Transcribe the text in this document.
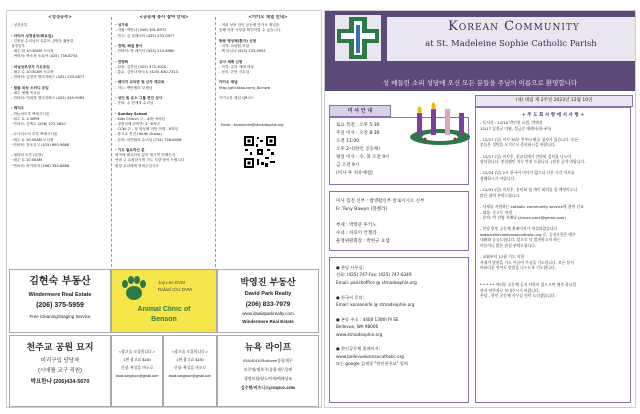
<성경공부>
- 성경공부

- 차티어 성경공부(화요일)
- 김정남 수녀님의 유튜브 강연을 활용한
성경공부
- 매주 화 10:30AM 도서정
- 연락처: 박소정 소피아 (425) 736-8754

- 마닐성모성지 기도모임
- 매주 수 10:30AM 천교정
- 연락처: 김경자 엘리자베스 (425) 233-0877

- 말씀 묵상 스터디 모임
- 매주 셋째 목요일
- 연락처: 이희정 엘리자베스 (425) 445-9085

- 레지오
- 하늘의모후 쁘레시디움
· 매주 토 1:30PM
· 연락처: 김백두 (206) 372-5620

- 로사리오의 모후 쁘레시디움
· 매주 토 10:00AM 도서정
· 연락처: 장오진고 (425) 890-9868

- 평화의 모후 (본당)
· 매주 토 10:00AM
· 연락처: 차가미아 (206) 330-8888
<공동체 봉사 참여 안내>
- 성가대
- 지휘: 박안나 (206) 391-8972
- 반주: 김 빌레리아 (425) 233-0977

- 전례, 해설 봉사
- 연락처: 박 레지아 (425) 223-8960

- 연령회
- 회장: 김종찬 (425) 372-3020
- 총무: 김아나 바오로 (425) 830-7313

- 메어지 교리반 및 신자 재교육
- 지도: 백안젤라 부제님

- 성인 및 유스 그룹 견진 성사
- 준비: 주 현재자 수녀님

- Sunday School
- Kids Church 주 - 4세~9학년
- 첫영성체 준비반: 2~8학년
- CCW 주 - 첫 영성체 미만 학생 - 8학년
- 중고교 견진 (Youth Group)
- 문의: 차연필라 수녀님 (714) 728-6008

- 기도 필요하신 분
영적에 필요하신 분이 계시면 언제든지
연락 주 요청하시면 기도 지향 담아 드립니다
원장 수녀에게 연락주십시오
<카카오 채널 안내>
- 저희 성당 한인 공동체 카카오 채널을
통해 각종 사항을 확인하실 수 있습니다.

방문 영성체(환자) 신청
- 자격: 요양원 포함
- 백 하나나 (425) 233-0955

유아 세례 신청
- 자격: 유아 세례 대상
- 문의: 본당 사무실

카카오 채널
http://pf.kakao.com/_Bcmwb

카카오톡 채널 QR코드
Email : koreaninfo@stmadsophie.org
김현숙 부동산
Windermere Real Estate
(206) 375-5959
Free Cleaning/Staging Service
Joy Lee DVM
Rafael Cho DVM
Animal Clinic of
Benson
박영진 부동산
David Park Realty
(206) 833-7979
www.dswidparkrealty.com
Windermere Real Estate
천주교 공원 묘지
미리구입 당당자
(시애틀 교구 직원)
박요한나 (206)434-5670
<광고를 모집합니다.>
1면 광고료 $150
신청: 곽상훈 바오로
kwak.sanghoon@gmail.com
<광고를 모집합니다.>
1면 광고료 $150
신청: 곽상훈 바오로
kwak.sanghoon@gmail.com
뉴욕 라이프
IRA/401K/Rollover/종합재무
보주명/재보주/종합재무플랜
생명보험/양노여재/택배상조
김수현/비즈니스(253)802-2556
Korean Community
at St. Madeleine Sophie Catholic Parish
성 매들린 소피 성당에 오신 모든 분들을 주님의 이름으로 환영합니다
미 사 안 내
토요 특전 : 오후 5:30
주일 미사 : 오전 8:30
오전 11:00
오후 2시(한인 공동체)
평일 미사 : 수, 목 오전 9시
금 오전 9시
(미사 후 치유예절)
(새) 대림 제 2주일 2023년 12월 10일
+ 주 도 회 사 항 에 서 사 항 +
- 독서자 : 12/10 박인천 요셉, 박예진
12/17 김경균 다윗, 정금순 데레사(한국어)

- 12/17 (일) 미사 30분 전부터 판공 성사가 있습니다. 모든
분들은 성탄을 오기로서 준비하시길 바랍니다.

- 12/17 (일) 미사후, 친교실에서 간단히 김치를 나누어
장터합니다. 봉헌했던 지동 반찬 드립니다. (점선 공작 바랍니다.

- 12/24 (일) 2시 한국어 미사가 없으니 다른 시간 미사를
참례하시기 바랍니다.

- 12/31 (일) 미사후, 송년회 겸 계이 회의를 할 예정이오니
많은 참여 부탁드립니다.

- 사제를 지원하는 catholic community service에 참여 선교
- 대상: 중고등 학생
- 문의: 박 진영 자매님 (jinvan.park@gmail.com)

- 본당 한인 공동체 홈페이지가 개설되었습니다
www.bellevuekoreancatholic.org 로, 공지사항은 매주
내려와 공유드립니다. 앞으로 더 발전하고자 하는
마음이니 많은 관심 부탁드립니다.

- 교회부터 12월 기도 지향
사제가 말씀을 기도 이끌어 주심을 기도합니다. 모든 분이
아름다운 언어로 말씀을 나누도록 기도합니다.

* * * * * 여러분 공동체 공지 사항이 있으시면 매주 목요일
까지 연락처로 보내주시기 바랍니다.
본당 - 한인 공동체 사무실 연락 드리겠습니다.
미사 집전 신부 : 밥생활신부 알로이시오 신부
Fr. Tony Bawyn (볼벨라)

부제 : 박영준 루키노
수녀 : 차호이 안젤라
운영위원회장 : 박현규 요셉
● 본당 사무실:
전화: (425) 747-Fax: (425) 747-6349
Email: parishoffice @ stmadsophie.org

● 한국어 문의:
Email: koreaninfo @ stmadsophie.org

● 본당 주소 : 4400 130th Pl SE
Bellevue, WA 98006
www.stmadsophie.org

● 한인공동체 홈페이지:
www.bellevuekoreancatholic.org
또는 google 검색창 "한인천주교" 입력
